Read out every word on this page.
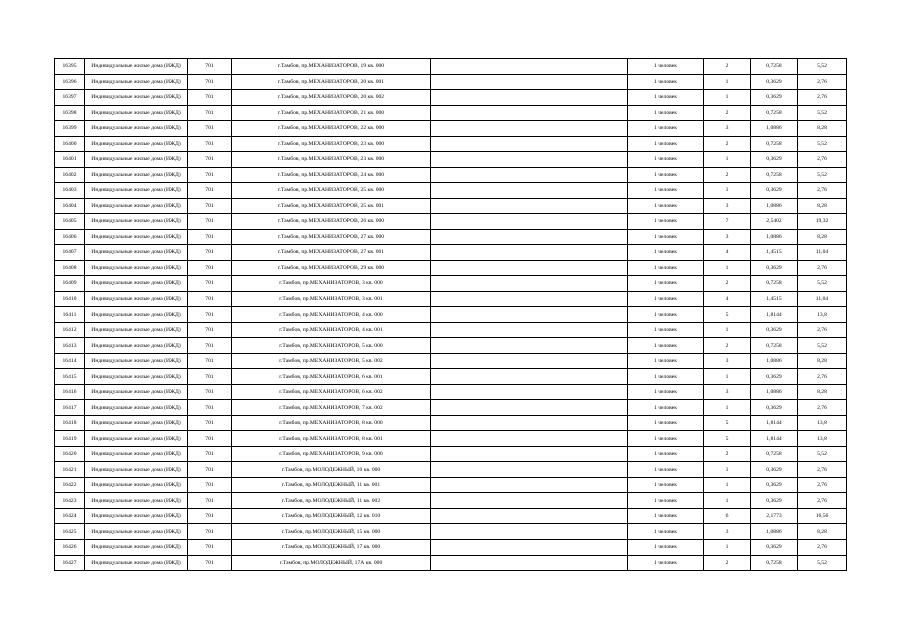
16395	Индивидуальные жилые дома (ИЖД)	701	г.Тамбов, пр.МЕХАНИЗАТОРОВ, 19 кв. 000		1 человек	2	0,7258	5,52
16396	Индивидуальные жилые дома (ИЖД)	701	г.Тамбов, пр.МЕХАНИЗАТОРОВ, 20 кв. 001		1 человек	1	0,3629	2,76
16397	Индивидуальные жилые дома (ИЖД)	701	г.Тамбов, пр.МЕХАНИЗАТОРОВ, 20 кв. 002		1 человек	1	0,3629	2,76
16398	Индивидуальные жилые дома (ИЖД)	701	г.Тамбов, пр.МЕХАНИЗАТОРОВ, 21 кв. 000		1 человек	2	0,7258	5,52
16399	Индивидуальные жилые дома (ИЖД)	701	г.Тамбов, пр.МЕХАНИЗАТОРОВ, 22 кв. 000		1 человек	3	1,0886	8,28
16400	Индивидуальные жилые дома (ИЖД)	701	г.Тамбов, пр.МЕХАНИЗАТОРОВ, 23 кв. 000		1 человек	2	0,7258	5,52
16401	Индивидуальные жилые дома (ИЖД)	701	г.Тамбов, пр.МЕХАНИЗАТОРОВ, 23 кв. 000		1 человек	1	0,3629	2,76
16402	Индивидуальные жилые дома (ИЖД)	701	г.Тамбов, пр.МЕХАНИЗАТОРОВ, 24 кв. 000		1 человек	2	0,7258	5,52
16403	Индивидуальные жилые дома (ИЖД)	701	г.Тамбов, пр.МЕХАНИЗАТОРОВ, 25 кв. 000		1 человек	1	0,3629	2,76
16404	Индивидуальные жилые дома (ИЖД)	701	г.Тамбов, пр.МЕХАНИЗАТОРОВ, 25 кв. 001		1 человек	3	1,0886	8,28
16405	Индивидуальные жилые дома (ИЖД)	701	г.Тамбов, пр.МЕХАНИЗАТОРОВ, 26 кв. 000		1 человек	7	2,5402	19,32
16406	Индивидуальные жилые дома (ИЖД)	701	г.Тамбов, пр.МЕХАНИЗАТОРОВ, 27 кв. 000		1 человек	3	1,0886	8,28
16407	Индивидуальные жилые дома (ИЖД)	701	г.Тамбов, пр.МЕХАНИЗАТОРОВ, 27 кв. 001		1 человек	4	1,4515	11,04
16408	Индивидуальные жилые дома (ИЖД)	701	г.Тамбов, пр.МЕХАНИЗАТОРОВ, 29 кв. 000		1 человек	1	0,3629	2,76
16409	Индивидуальные жилые дома (ИЖД)	701	г.Тамбов, пр.МЕХАНИЗАТОРОВ, 3 кв. 000		1 человек	2	0,7258	5,52
16410	Индивидуальные жилые дома (ИЖД)	701	г.Тамбов, пр.МЕХАНИЗАТОРОВ, 3 кв. 001		1 человек	4	1,4515	11,04
16411	Индивидуальные жилые дома (ИЖД)	701	г.Тамбов, пр.МЕХАНИЗАТОРОВ, 4 кв. 000		1 человек	5	1,8144	13,8
16412	Индивидуальные жилые дома (ИЖД)	701	г.Тамбов, пр.МЕХАНИЗАТОРОВ, 4 кв. 001		1 человек	1	0,3629	2,76
16413	Индивидуальные жилые дома (ИЖД)	701	г.Тамбов, пр.МЕХАНИЗАТОРОВ, 5 кв. 000		1 человек	2	0,7258	5,52
16414	Индивидуальные жилые дома (ИЖД)	701	г.Тамбов, пр.МЕХАНИЗАТОРОВ, 5 кв. 002		1 человек	3	1,0886	8,28
16415	Индивидуальные жилые дома (ИЖД)	701	г.Тамбов, пр.МЕХАНИЗАТОРОВ, 6 кв. 001		1 человек	1	0,3629	2,76
16416	Индивидуальные жилые дома (ИЖД)	701	г.Тамбов, пр.МЕХАНИЗАТОРОВ, 6 кв. 002		1 человек	3	1,0886	8,28
16417	Индивидуальные жилые дома (ИЖД)	701	г.Тамбов, пр.МЕХАНИЗАТОРОВ, 7 кв. 002		1 человек	1	0,3629	2,76
16418	Индивидуальные жилые дома (ИЖД)	701	г.Тамбов, пр.МЕХАНИЗАТОРОВ, 8 кв. 000		1 человек	5	1,8144	13,8
16419	Индивидуальные жилые дома (ИЖД)	701	г.Тамбов, пр.МЕХАНИЗАТОРОВ, 8 кв. 001		1 человек	5	1,8144	13,8
16420	Индивидуальные жилые дома (ИЖД)	701	г.Тамбов, пр.МЕХАНИЗАТОРОВ, 9 кв. 000		1 человек	2	0,7258	5,52
16421	Индивидуальные жилые дома (ИЖД)	701	г.Тамбов, пр.МОЛОДЕЖНЫЙ, 10 кв. 000		1 человек	1	0,3629	2,76
16422	Индивидуальные жилые дома (ИЖД)	701	г.Тамбов, пр.МОЛОДЕЖНЫЙ, 11 кв. 001		1 человек	1	0,3629	2,76
16423	Индивидуальные жилые дома (ИЖД)	701	г.Тамбов, пр.МОЛОДЕЖНЫЙ, 11 кв. 002		1 человек	1	0,3629	2,76
16424	Индивидуальные жилые дома (ИЖД)	701	г.Тамбов, пр.МОЛОДЕЖНЫЙ, 12 кв. 010		1 человек	6	2,1773	16,56
16425	Индивидуальные жилые дома (ИЖД)	701	г.Тамбов, пр.МОЛОДЕЖНЫЙ, 15 кв. 000		1 человек	3	1,0886	8,28
16426	Индивидуальные жилые дома (ИЖД)	701	г.Тамбов, пр.МОЛОДЕЖНЫЙ, 17 кв. 000		1 человек	1	0,3629	2,76
16427	Индивидуальные жилые дома (ИЖД)	701	г.Тамбов, пр.МОЛОДЕЖНЫЙ, 17А кв. 000		1 человек	2	0,7258	5,52
